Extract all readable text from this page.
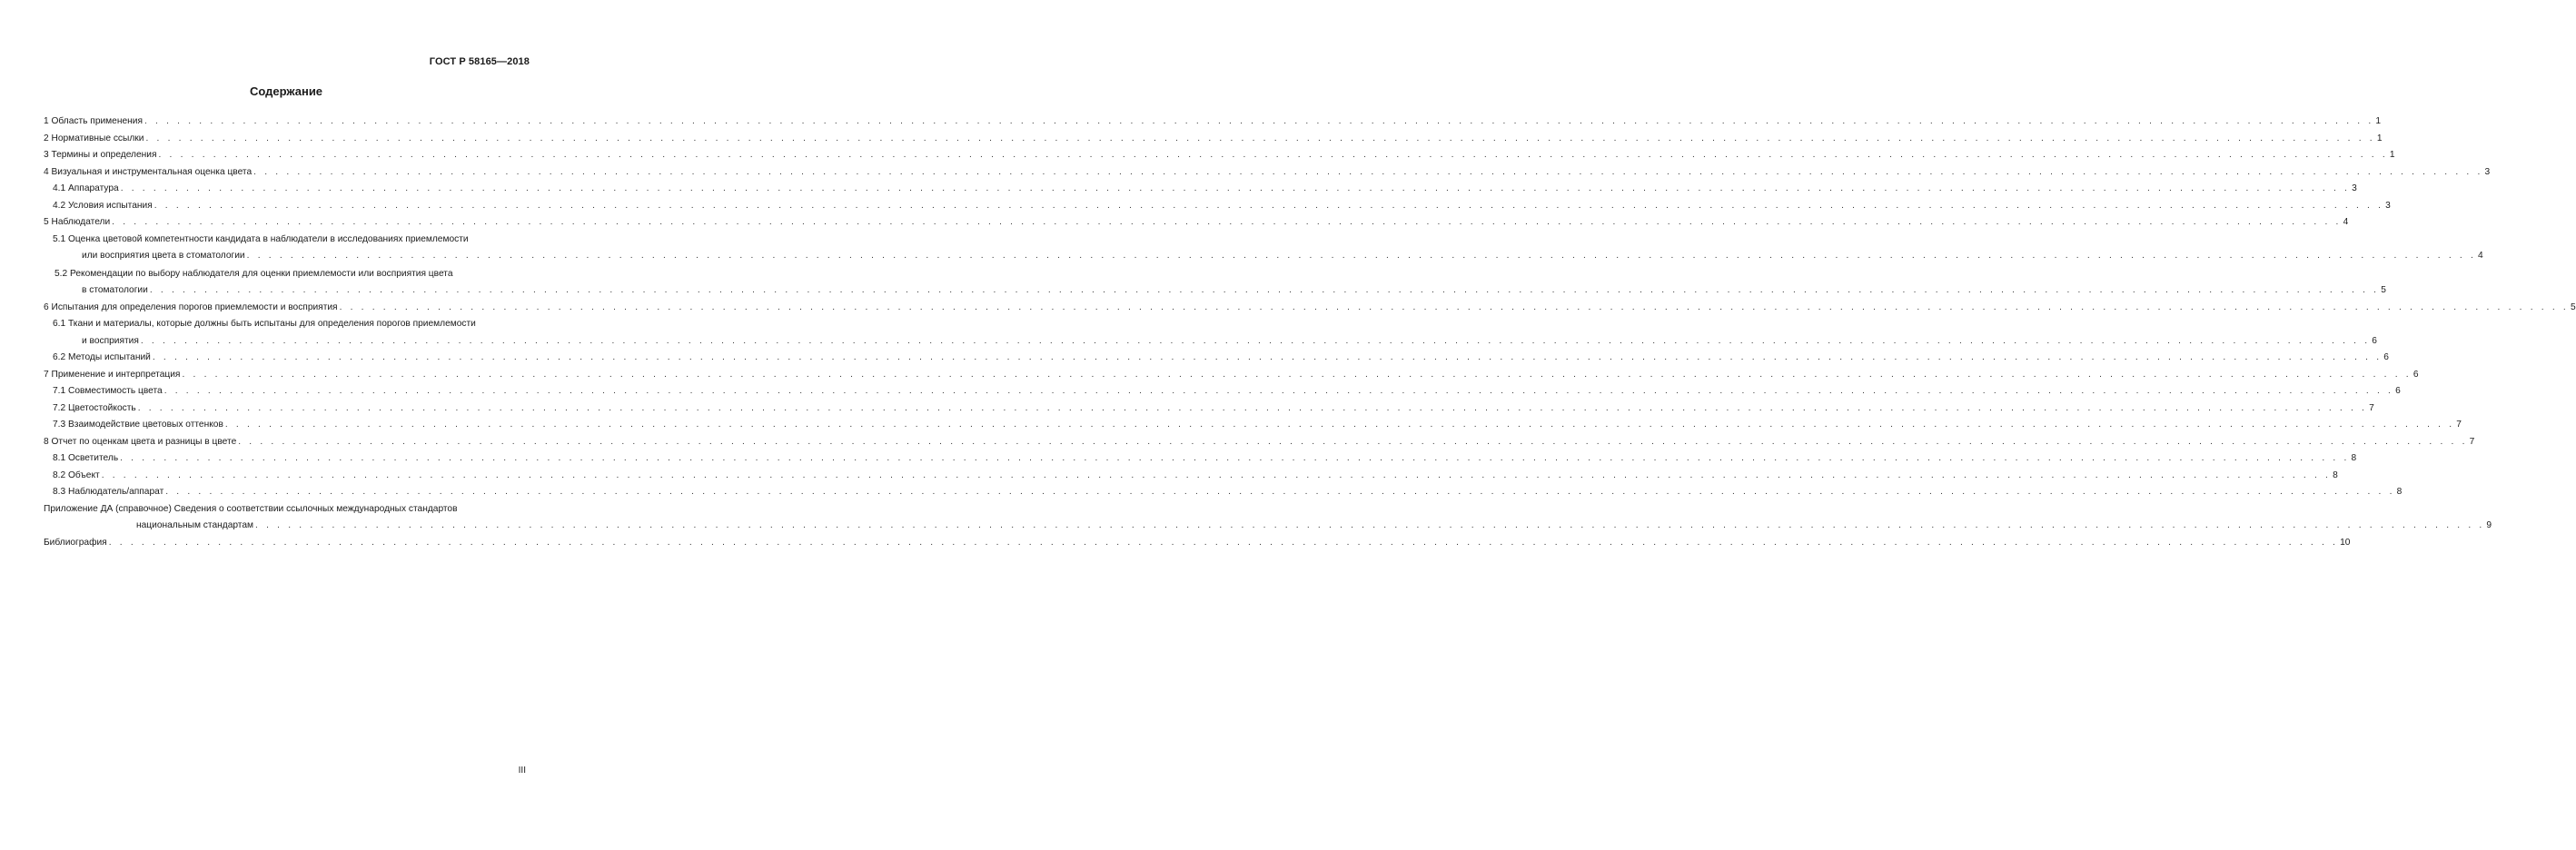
ГОСТ Р 58165—2018
Содержание
1 Область применения . . . . . . . . . . . . . . . . . . . . . . . . . . . . . . . . . . . . . . . . . . . . . . . . . . . . . . . . . . . . . . . . . . . . . . . . . . . . . . . . . . . . . . . . . . . . . . . . . . . . . . . . . . . . . . . . . . . . . . . . . . . . . . . . . . . . . . . . . . . . . . . . . . . . . . . . . . . . . . . . . . . . . . . . . . . . . . . . . . . . . . . . . . . . . . . . . . . . . . . . . . . . 1
2 Нормативные ссылки . . . . . . . . . . . . . . . . . . . . . . . . . . . . . . . . . . . . . . . . . . . . . . . . . . . . . . . . . . . . . . . . . . . . . . . . . . . . . . . . . . . . . . . . . . . . . . . . . . . . . . . . . . . . . . . . . . . . . . . . . . . . . . . . . . . . . . . . . . . . . . . . . . . . . . . . . . . . . . . . . . . . . . . . . . . . . . . . . . . . . . . . . . . . . . . . . . . . . . . . . . . . 1
3 Термины и определения . . . . . . . . . . . . . . . . . . . . . . . . . . . . . . . . . . . . . . . . . . . . . . . . . . . . . . . . . . . . . . . . . . . . . . . . . . . . . . . . . . . . . . . . . . . . . . . . . . . . . . . . . . . . . . . . . . . . . . . . . . . . . . . . . . . . . . . . . . . . . . . . . . . . . . . . . . . . . . . . . . . . . . . . . . . . . . . . . . . . . . . . . . . . . . . . . . . . . . . . . . . . 1
4 Визуальная и инструментальная оценка цвета . . . . . . . . . . . . . . . . . . . . . . . . . . . . . . . . . . . . . . . . . . . . . . . . . . . . . . . . . . . . . . . . . . . . . . . . . . . . . . . . . . . . . . . . . . . . . . . . . . . . . . . . . . . . . . . . . . . . . . . . . . . . . . . . . . . . . . . . . . . . . . . . . . . . . . . . . . . . . . . . . . . . . . . . . . . . . . . . . . . . . . . . . . . . . . . . . . . . . . . . . . . . 3
4.1 Аппаратура . . . . . . . . . . . . . . . . . . . . . . . . . . . . . . . . . . . . . . . . . . . . . . . . . . . . . . . . . . . . . . . . . . . . . . . . . . . . . . . . . . . . . . . . . . . . . . . . . . . . . . . . . . . . . . . . . . . . . . . . . . . . . . . . . . . . . . . . . . . . . . . . . . . . . . . . . . . . . . . . . . . . . . . . . . . . . . . . . . . . . . . . . . . . . . . . . . . . . . . . . . . . 3
4.2 Условия испытания . . . . . . . . . . . . . . . . . . . . . . . . . . . . . . . . . . . . . . . . . . . . . . . . . . . . . . . . . . . . . . . . . . . . . . . . . . . . . . . . . . . . . . . . . . . . . . . . . . . . . . . . . . . . . . . . . . . . . . . . . . . . . . . . . . . . . . . . . . . . . . . . . . . . . . . . . . . . . . . . . . . . . . . . . . . . . . . . . . . . . . . . . . . . . . . . . . . . . . . . . . . . 3
5 Наблюдатели . . . . . . . . . . . . . . . . . . . . . . . . . . . . . . . . . . . . . . . . . . . . . . . . . . . . . . . . . . . . . . . . . . . . . . . . . . . . . . . . . . . . . . . . . . . . . . . . . . . . . . . . . . . . . . . . . . . . . . . . . . . . . . . . . . . . . . . . . . . . . . . . . . . . . . . . . . . . . . . . . . . . . . . . . . . . . . . . . . . . . . . . . . . . . . . . . . . . . . . . . . . . 4
5.1 Оценка цветовой компетентности кандидата в наблюдатели в исследованиях приемлемости
или восприятия цвета в стоматологии . . . . . . . . . . . . . . . . . . . . . . . . . . . . . . . . . . . . . . . . . . . . . . . . . . . . . . . . . . . . . . . . . . . . . . . . . . . . . . . . . . . . . . . . . . . . . . . . . . . . . . . . . . . . . . . . . . . . . . . . . . . . . . . . . . . . . . . . . . . . . . . . . . . . . . . . . . . . . . . . . . . . . . . . . . . . . . . . . . . . . . . . . . . . . . . . . . . . . . . . . . . . 4
5.2 Рекомендации по выбору наблюдателя для оценки приемлемости или восприятия цвета
в стоматологии . . . . . . . . . . . . . . . . . . . . . . . . . . . . . . . . . . . . . . . . . . . . . . . . . . . . . . . . . . . . . . . . . . . . . . . . . . . . . . . . . . . . . . . . . . . . . . . . . . . . . . . . . . . . . . . . . . . . . . . . . . . . . . . . . . . . . . . . . . . . . . . . . . . . . . . . . . . . . . . . . . . . . . . . . . . . . . . . . . . . . . . . . . . . . . . . . . . . . . . . . . . . 5
6 Испытания для определения порогов приемлемости и восприятия . . . . . . . . . . . . . . . . . . . . . . . . . . . . . . . . . . . . . . . . . . . . . . . . . . . . . . . . . . . . . . . . . . . . . . . . . . . . . . . . . . . . . . . . . . . . . . . . . . . . . . . . . . . . . . . . . . . . . . . . . . . . . . . . . . . . . . . . . . . . . . . . . . . . . . . . . . . . . . . . . . . . . . . . . . . . . . . . . . . . . . . . . . . . . . . . . . . . . . . . . . . . 5
6.1 Ткани и материалы, которые должны быть испытаны для определения порогов приемлемости
и восприятия . . . . . . . . . . . . . . . . . . . . . . . . . . . . . . . . . . . . . . . . . . . . . . . . . . . . . . . . . . . . . . . . . . . . . . . . . . . . . . . . . . . . . . . . . . . . . . . . . . . . . . . . . . . . . . . . . . . . . . . . . . . . . . . . . . . . . . . . . . . . . . . . . . . . . . . . . . . . . . . . . . . . . . . . . . . . . . . . . . . . . . . . . . . . . . . . . . . . . . . . . . . . 6
6.2 Методы испытаний . . . . . . . . . . . . . . . . . . . . . . . . . . . . . . . . . . . . . . . . . . . . . . . . . . . . . . . . . . . . . . . . . . . . . . . . . . . . . . . . . . . . . . . . . . . . . . . . . . . . . . . . . . . . . . . . . . . . . . . . . . . . . . . . . . . . . . . . . . . . . . . . . . . . . . . . . . . . . . . . . . . . . . . . . . . . . . . . . . . . . . . . . . . . . . . . . . . . . . . . . . . . 6
7 Применение и интерпретация . . . . . . . . . . . . . . . . . . . . . . . . . . . . . . . . . . . . . . . . . . . . . . . . . . . . . . . . . . . . . . . . . . . . . . . . . . . . . . . . . . . . . . . . . . . . . . . . . . . . . . . . . . . . . . . . . . . . . . . . . . . . . . . . . . . . . . . . . . . . . . . . . . . . . . . . . . . . . . . . . . . . . . . . . . . . . . . . . . . . . . . . . . . . . . . . . . . . . . . . . . . . 6
7.1 Совместимость цвета . . . . . . . . . . . . . . . . . . . . . . . . . . . . . . . . . . . . . . . . . . . . . . . . . . . . . . . . . . . . . . . . . . . . . . . . . . . . . . . . . . . . . . . . . . . . . . . . . . . . . . . . . . . . . . . . . . . . . . . . . . . . . . . . . . . . . . . . . . . . . . . . . . . . . . . . . . . . . . . . . . . . . . . . . . . . . . . . . . . . . . . . . . . . . . . . . . . . . . . . . . . . 6
7.2 Цветостойкость . . . . . . . . . . . . . . . . . . . . . . . . . . . . . . . . . . . . . . . . . . . . . . . . . . . . . . . . . . . . . . . . . . . . . . . . . . . . . . . . . . . . . . . . . . . . . . . . . . . . . . . . . . . . . . . . . . . . . . . . . . . . . . . . . . . . . . . . . . . . . . . . . . . . . . . . . . . . . . . . . . . . . . . . . . . . . . . . . . . . . . . . . . . . . . . . . . . . . . . . . . . . 7
7.3 Взаимодействие цветовых оттенков . . . . . . . . . . . . . . . . . . . . . . . . . . . . . . . . . . . . . . . . . . . . . . . . . . . . . . . . . . . . . . . . . . . . . . . . . . . . . . . . . . . . . . . . . . . . . . . . . . . . . . . . . . . . . . . . . . . . . . . . . . . . . . . . . . . . . . . . . . . . . . . . . . . . . . . . . . . . . . . . . . . . . . . . . . . . . . . . . . . . . . . . . . . . . . . . . . . . . . . . . . . . 7
8 Отчет по оценкам цвета и разницы в цвете . . . . . . . . . . . . . . . . . . . . . . . . . . . . . . . . . . . . . . . . . . . . . . . . . . . . . . . . . . . . . . . . . . . . . . . . . . . . . . . . . . . . . . . . . . . . . . . . . . . . . . . . . . . . . . . . . . . . . . . . . . . . . . . . . . . . . . . . . . . . . . . . . . . . . . . . . . . . . . . . . . . . . . . . . . . . . . . . . . . . . . . . . . . . . . . . . . . . . . . . . . . . 7
8.1 Осветитель . . . . . . . . . . . . . . . . . . . . . . . . . . . . . . . . . . . . . . . . . . . . . . . . . . . . . . . . . . . . . . . . . . . . . . . . . . . . . . . . . . . . . . . . . . . . . . . . . . . . . . . . . . . . . . . . . . . . . . . . . . . . . . . . . . . . . . . . . . . . . . . . . . . . . . . . . . . . . . . . . . . . . . . . . . . . . . . . . . . . . . . . . . . . . . . . . . . . . . . . . . . . 8
8.2 Объект . . . . . . . . . . . . . . . . . . . . . . . . . . . . . . . . . . . . . . . . . . . . . . . . . . . . . . . . . . . . . . . . . . . . . . . . . . . . . . . . . . . . . . . . . . . . . . . . . . . . . . . . . . . . . . . . . . . . . . . . . . . . . . . . . . . . . . . . . . . . . . . . . . . . . . . . . . . . . . . . . . . . . . . . . . . . . . . . . . . . . . . . . . . . . . . . . . . . . . . . . . . . 8
8.3 Наблюдатель/аппарат . . . . . . . . . . . . . . . . . . . . . . . . . . . . . . . . . . . . . . . . . . . . . . . . . . . . . . . . . . . . . . . . . . . . . . . . . . . . . . . . . . . . . . . . . . . . . . . . . . . . . . . . . . . . . . . . . . . . . . . . . . . . . . . . . . . . . . . . . . . . . . . . . . . . . . . . . . . . . . . . . . . . . . . . . . . . . . . . . . . . . . . . . . . . . . . . . . . . . . . . . . . . 8
Приложение ДА (справочное) Сведения о соответствии ссылочных международных стандартов
национальным стандартам . . . . . . . . . . . . . . . . . . . . . . . . . . . . . . . . . . . . . . . . . . . . . . . . . . . . . . . . . . . . . . . . . . . . . . . . . . . . . . . . . . . . . . . . . . . . . . . . . . . . . . . . . . . . . . . . . . . . . . . . . . . . . . . . . . . . . . . . . . . . . . . . . . . . . . . . . . . . . . . . . . . . . . . . . . . . . . . . . . . . . . . . . . . . . . . . . . . . . . . . . . . . 9
Библиография . . . . . . . . . . . . . . . . . . . . . . . . . . . . . . . . . . . . . . . . . . . . . . . . . . . . . . . . . . . . . . . . . . . . . . . . . . . . . . . . . . . . . . . . . . . . . . . . . . . . . . . . . . . . . . . . . . . . . . . . . . . . . . . . . . . . . . . . . . . . . . . . . . . . . . . . . . . . . . . . . . . . . . . . . . . . . . . . . . . . . . . . . . . . . . . . . . . . . . . . . . . . 10
III
